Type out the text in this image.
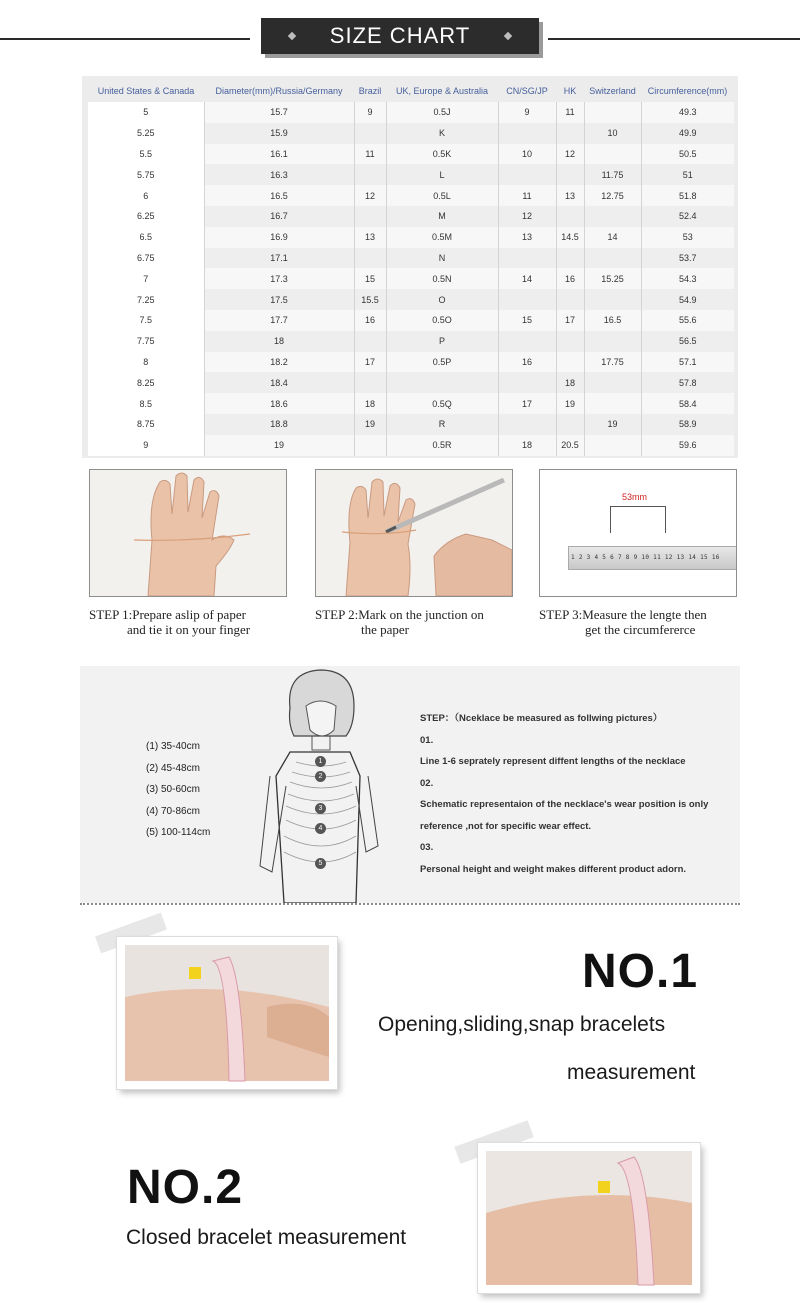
SIZE CHART
United States & Canada	Diameter(mm)/Russia/Germany	Brazil	UK, Europe & Australia	CN/SG/JP	HK	Switzerland	Circumference(mm)
5	15.7	9	0.5J	9	11		49.3
5.25	15.9		K			10	49.9
5.5	16.1	11	0.5K	10	12		50.5
5.75	16.3		L			11.75	51
6	16.5	12	0.5L	11	13	12.75	51.8
6.25	16.7		M	12			52.4
6.5	16.9	13	0.5M	13	14.5	14	53
6.75	17.1		N				53.7
7	17.3	15	0.5N	14	16	15.25	54.3
7.25	17.5	15.5	O				54.9
7.5	17.7	16	0.5O	15	17	16.5	55.6
7.75	18		P				56.5
8	18.2	17	0.5P	16		17.75	57.1
8.25	18.4				18		57.8
8.5	18.6	18	0.5Q	17	19		58.4
8.75	18.8	19	R			19	58.9
9	19		0.5R	18	20.5		59.6
STEP 1:Prepare aslip of paper
and tie it on your finger
STEP 2:Mark on the junction on
the paper
53mm
1 2 3 4 5 6 7 8 9 10 11 12 13 14 15 16
STEP 3:Measure the lengte then
get the circumfererce
1
2
3
4
5
(1) 35-40cm
(2) 45-48cm
(3) 50-60cm
(4) 70-86cm
(5) 100-114cm
STEP：（Nceklace be measured as follwing pictures）
01.
Line 1-6 seprately represent diffent lengths of the necklace
02.
Schematic representaion of the necklace's wear position is only
reference ,not for specific wear effect.
03.
Personal height and weight makes different product adorn.
NO.1
Opening,sliding,snap bracelets
measurement
NO.2
Closed bracelet measurement
